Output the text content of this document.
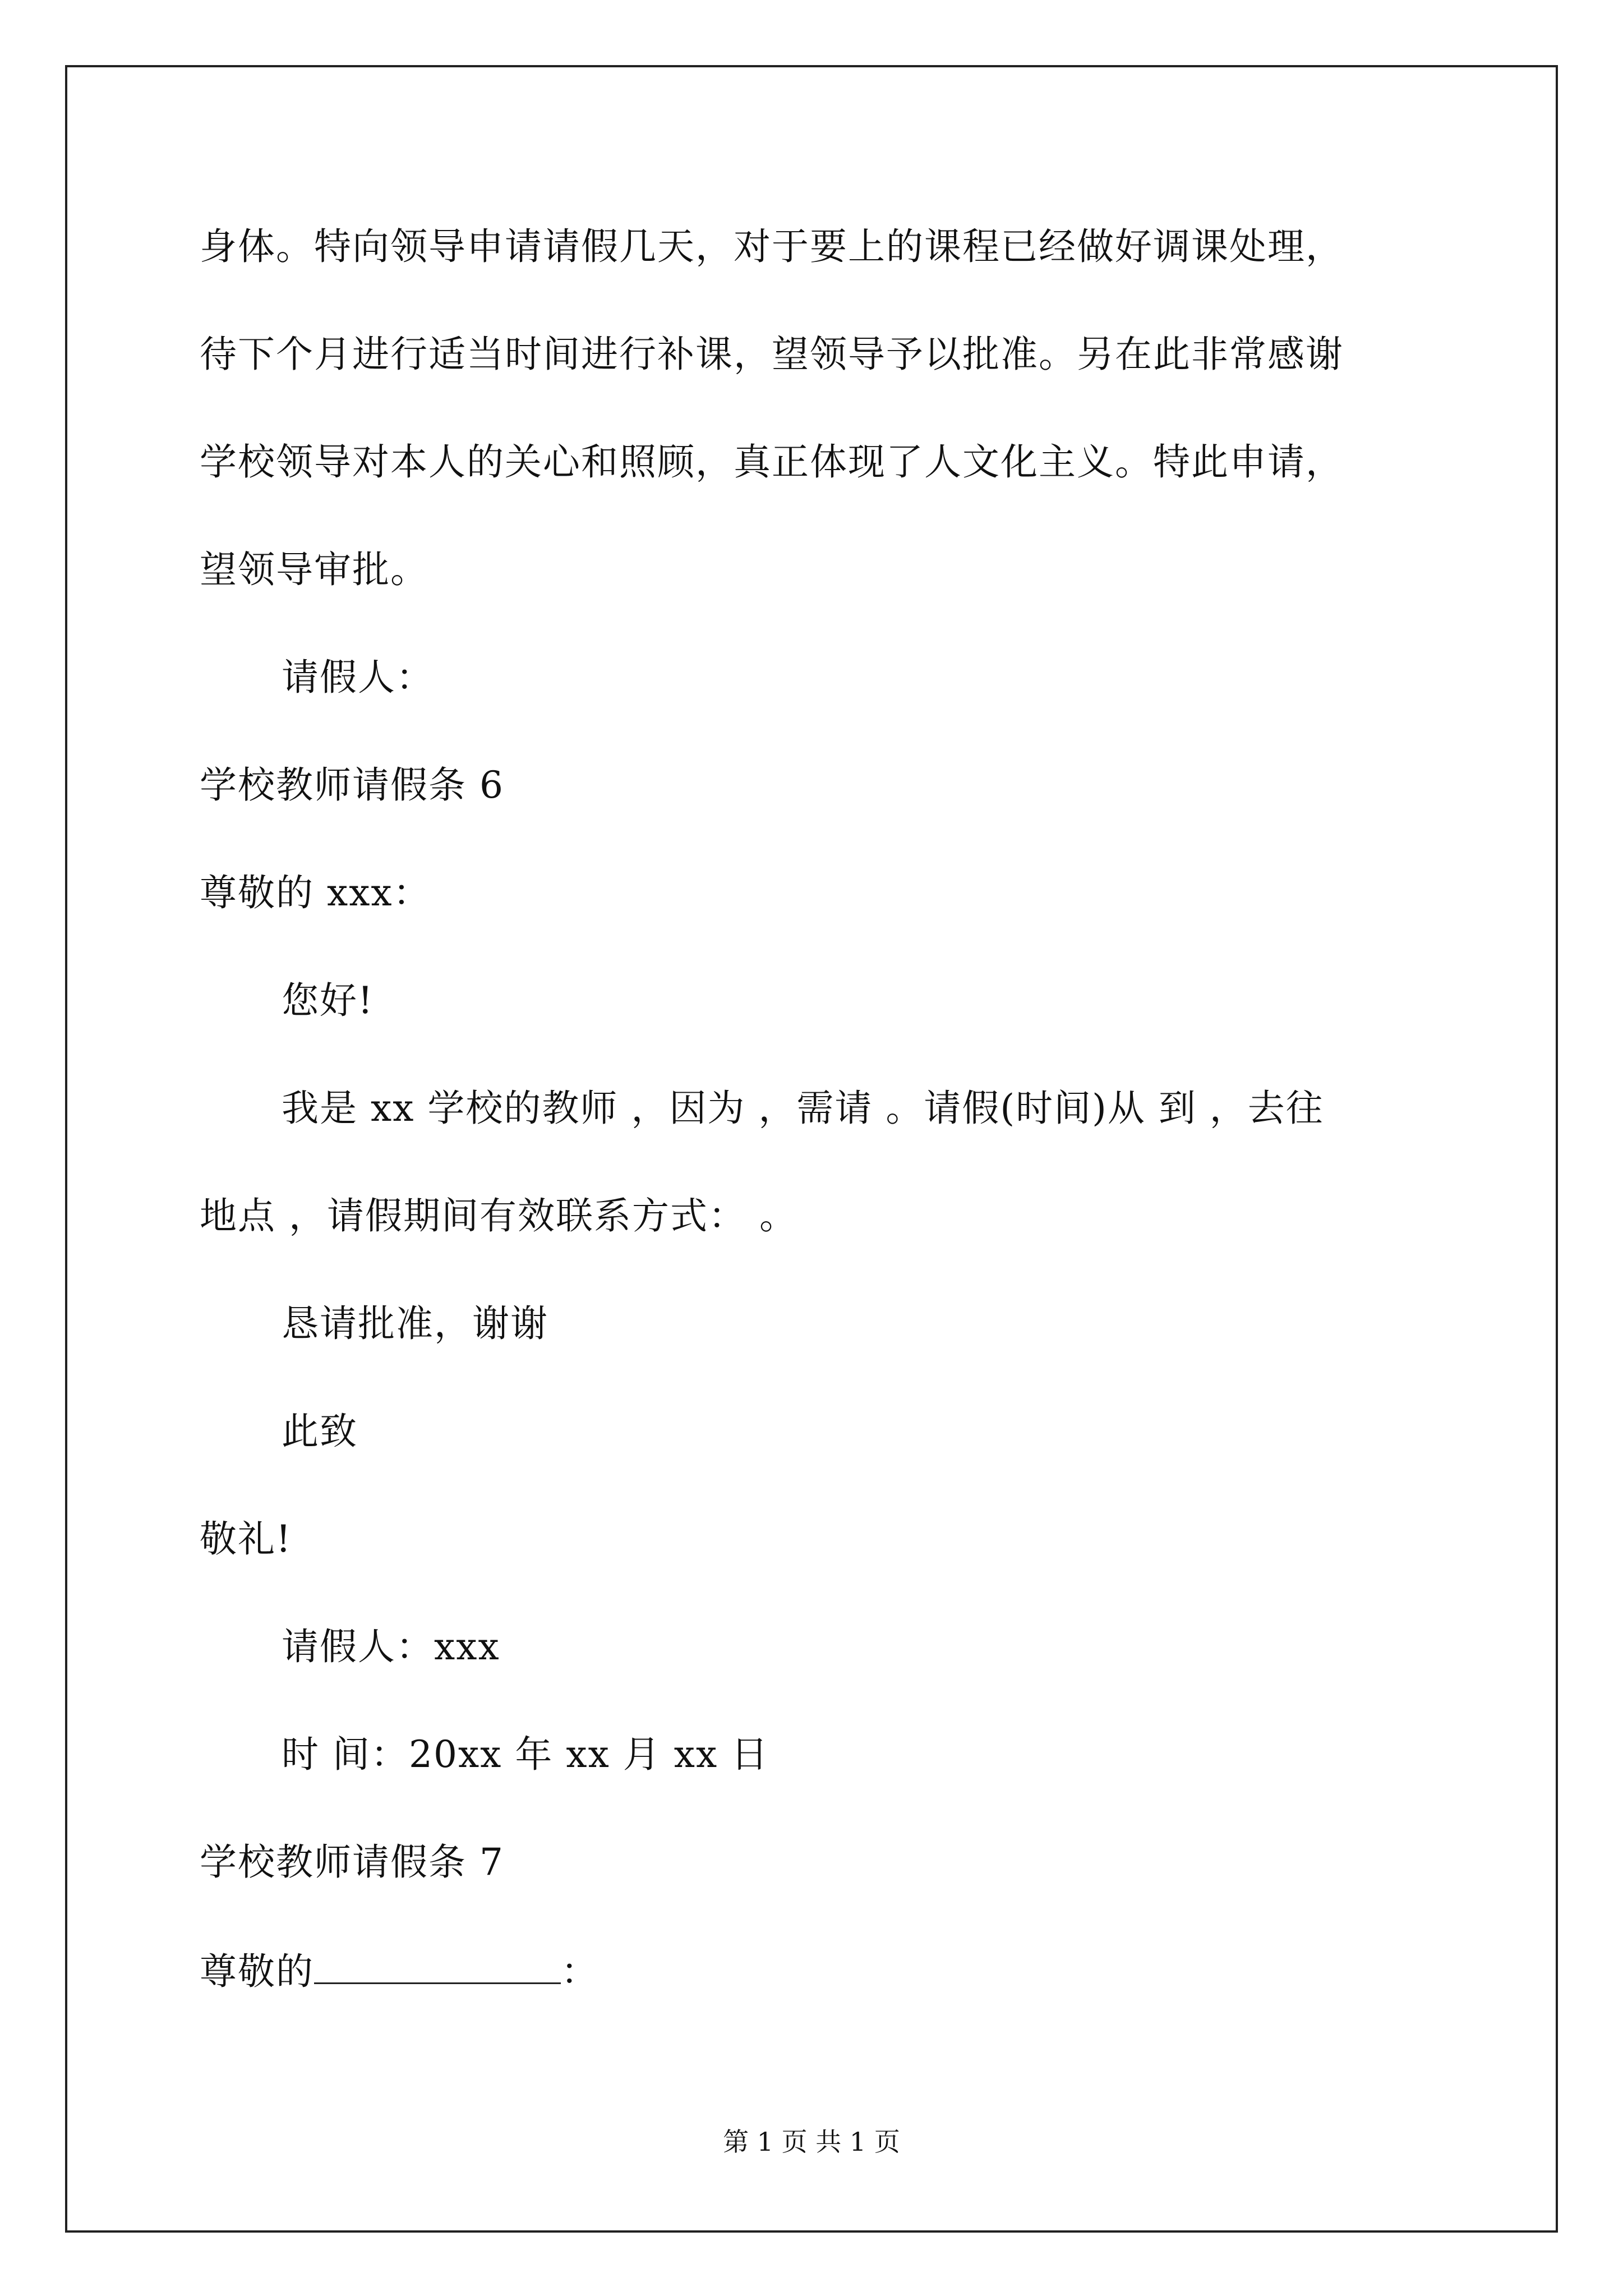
身体。特向领导申请请假几天，对于要上的课程已经做好调课处理，
待下个月进行适当时间进行补课，望领导予以批准。另在此非常感谢
学校领导对本人的关心和照顾，真正体现了人文化主义。特此申请，
望领导审批。
请假人：
学校教师请假条 6
尊敬的 xxx：
您好!
我是 xx 学校的教师 ，因为 ，需请 。请假(时间)从 到 ，去往
地点 ，请假期间有效联系方式： 。
恳请批准，谢谢
此致
敬礼!
请假人：xxx
时 间：20xx 年 xx 月 xx 日
学校教师请假条 7
尊敬的	：
第 1 页 共 1 页
